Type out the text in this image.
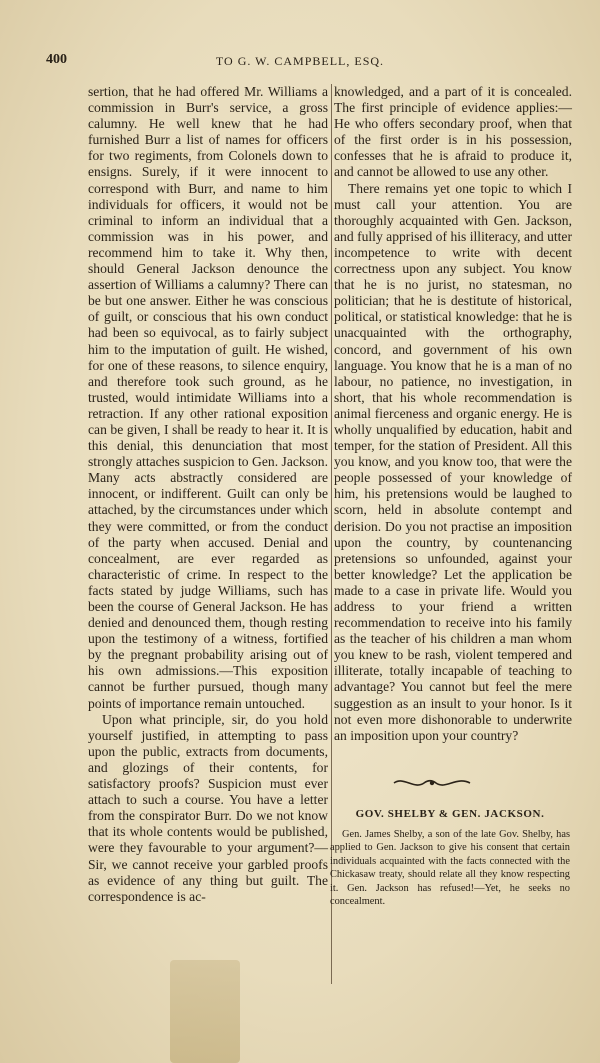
400	TO G. W. CAMPBELL, ESQ.

sertion, that he had offered Mr. Williams a commission in Burr's service, a gross calumny. He well knew that he had furnished Burr a list of names for officers for two regiments, from Colonels down to ensigns. Surely, if it were innocent to correspond with Burr, and name to him individuals for officers, it would not be criminal to inform an individual that a commission was in his power, and recommend him to take it. Why then, should General Jackson denounce the assertion of Williams a calumny? There can be but one answer. Either he was conscious of guilt, or conscious that his own conduct had been so equivocal, as to fairly subject him to the imputation of guilt. He wished, for one of these reasons, to silence enquiry, and therefore took such ground, as he trusted, would intimidate Williams into a retraction. If any other rational exposition can be given, I shall be ready to hear it. It is this denial, this denunciation that most strongly attaches suspicion to Gen. Jackson. Many acts abstractly considered are innocent, or indifferent. Guilt can only be attached, by the circumstances under which they were committed, or from the conduct of the party when accused. Denial and concealment, are ever regarded as characteristic of crime. In respect to the facts stated by judge Williams, such has been the course of General Jackson. He has denied and denounced them, though resting upon the testimony of a witness, fortified by the pregnant probability arising out of his own admissions.—This exposition cannot be further pursued, though many points of importance remain untouched.

Upon what principle, sir, do you hold yourself justified, in attempting to pass upon the public, extracts from documents, and glozings of their contents, for satisfactory proofs? Suspicion must ever attach to such a course. You have a letter from the conspirator Burr. Do we not know that its whole contents would be published, were they favourable to your argument?—Sir, we cannot receive your garbled proofs as evidence of any thing but guilt. The correspondence is ac-

knowledged, and a part of it is concealed. The first principle of evidence applies:—He who offers secondary proof, when that of the first order is in his possession, confesses that he is afraid to produce it, and cannot be allowed to use any other.

There remains yet one topic to which I must call your attention. You are thoroughly acquainted with Gen. Jackson, and fully apprised of his illiteracy, and utter incompetence to write with decent correctness upon any subject. You know that he is no jurist, no statesman, no politician; that he is destitute of historical, political, or statistical knowledge: that he is unacquainted with the orthography, concord, and government of his own language. You know that he is a man of no labour, no patience, no investigation, in short, that his whole recommendation is animal fierceness and organic energy. He is wholly unqualified by education, habit and temper, for the station of President. All this you know, and you know too, that were the people possessed of your knowledge of him, his pretensions would be laughed to scorn, held in absolute contempt and derision. Do you not practise an imposition upon the country, by countenancing pretensions so unfounded, against your better knowledge? Let the application be made to a case in private life. Would you address to your friend a written recommendation to receive into his family as the teacher of his children a man whom you knew to be rash, violent tempered and illiterate, totally incapable of teaching to advantage? You cannot but feel the mere suggestion as an insult to your honor. Is it not even more dishonorable to underwrite an imposition upon your country?

GOV. SHELBY & GEN. JACKSON.

Gen. James Shelby, a son of the late Gov. Shelby, has applied to Gen. Jackson to give his consent that certain individuals acquainted with the facts connected with the Chickasaw treaty, should relate all they know respecting it. Gen. Jackson has refused!—Yet, he seeks no concealment.
